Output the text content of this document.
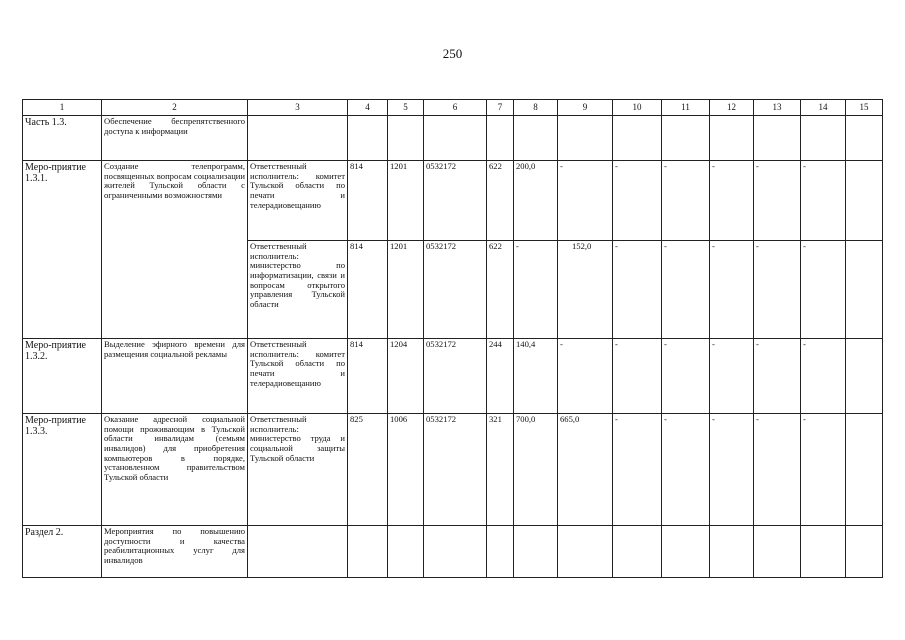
250
1	2	3	4	5	6	7	8	9	10	11	12	13	14	15
Часть 1.3.	Обеспечение беспрепятственного доступа к информации													
Меро-приятие 1.3.1.	Создание телепрограмм, посвященных вопросам социализации жителей Тульской области с ограниченными возможностями	Ответственный исполнитель: комитет Тульской области по печати и телерадиовещанию	814	1201	0532172	622	200,0	-	-	-	-	-	-	
		Ответственный исполнитель: министерство по информатизации, связи и вопросам открытого управления Тульской области	814	1201	0532172	622	-	152,0	-	-	-	-	-	
Меро-приятие 1.3.2.	Выделение эфирного времени для размещения социальной рекламы	Ответственный исполнитель: комитет Тульской области по печати и телерадиовещанию	814	1204	0532172	244	140,4	-	-	-	-	-	-	
Меро-приятие 1.3.3.	Оказание адресной социальной помощи проживающим в Тульской области инвалидам (семьям инвалидов) для приобретения компьютеров в порядке, установленном правительством Тульской области	Ответственный исполнитель: министерство труда и социальной защиты Тульской области	825	1006	0532172	321	700,0	665,0	-	-	-	-	-	
Раздел 2.	Мероприятия по повышению доступности и качества реабилитационных услуг для инвалидов													
